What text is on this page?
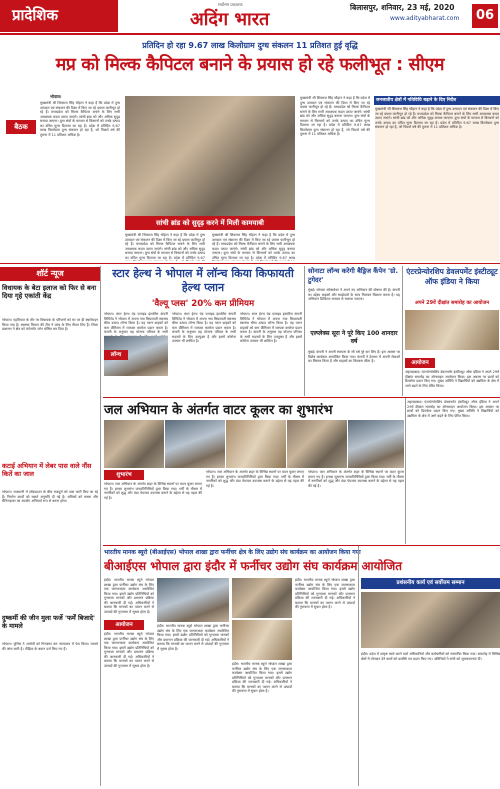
प्रादेशिक
सर्वोत्तम प्रकाशक
अदिंग भारत
बिलासपुर, शनिवार, 23 मई, 2020
www.adityabharat.com	06
प्रतिदिन हो रहा 9.67 लाख किलोग्राम दुग्ध संकलन 11 प्रतिशत हुई वृद्धि
मप्र को मिल्क कैपिटल बनाने के प्रयास हो रहे फलीभूत : सीएम
भोपाल।
मुख्यमंत्री श्री शिवराज सिंह चौहान ने कहा है कि प्रदेश में दुग्ध उत्पादन एवं संकलन की दिशा में किए जा रहे प्रयास फलीभूत हो रहे हैं। मध्यप्रदेश को मिल्क कैपिटल बनाने के लिए सभी आवश्यक कदम उठाए जाएंगे। सांची ब्रांड को और अधिक सुदृढ़ बनाया जाएगा। दुग्ध संघों के माध्यम से किसानों को उनके उत्पाद का उचित मूल्य दिलाया जा रहा है। प्रदेश में प्रतिदिन 9.67 लाख किलोग्राम दुग्ध संकलन हो रहा है, जो पिछले वर्ष की तुलना में 11 प्रतिशत अधिक है।
बैठक
सांची ब्रांड को सुदृढ़ करने में मिली कामयाबी
मुख्यमंत्री श्री शिवराज सिंह चौहान ने कहा है कि प्रदेश में दुग्ध उत्पादन एवं संकलन की दिशा में किए जा रहे प्रयास फलीभूत हो रहे हैं। मध्यप्रदेश को मिल्क कैपिटल बनाने के लिए सभी आवश्यक कदम उठाए जाएंगे। सांची ब्रांड को और अधिक सुदृढ़ बनाया जाएगा। दुग्ध संघों के माध्यम से किसानों को उनके उत्पाद का उचित मूल्य दिलाया जा रहा है। प्रदेश में प्रतिदिन 9.67
मुख्यमंत्री श्री शिवराज सिंह चौहान ने कहा है कि प्रदेश में दुग्ध उत्पादन एवं संकलन की दिशा में किए जा रहे प्रयास फलीभूत हो रहे हैं। मध्यप्रदेश को मिल्क कैपिटल बनाने के लिए सभी आवश्यक कदम उठाए जाएंगे। सांची ब्रांड को और अधिक सुदृढ़ बनाया जाएगा। दुग्ध संघों के माध्यम से किसानों को उनके उत्पाद का उचित मूल्य दिलाया जा रहा है। प्रदेश में प्रतिदिन 9.67 लाख
मुख्यमंत्री श्री शिवराज सिंह चौहान ने कहा है कि प्रदेश में दुग्ध उत्पादन एवं संकलन की दिशा में किए जा रहे प्रयास फलीभूत हो रहे हैं। मध्यप्रदेश को मिल्क कैपिटल बनाने के लिए सभी आवश्यक कदम उठाए जाएंगे। सांची ब्रांड को और अधिक सुदृढ़ बनाया जाएगा। दुग्ध संघों के माध्यम से किसानों को उनके उत्पाद का उचित मूल्य दिलाया जा रहा है। प्रदेश में प्रतिदिन 9.67 लाख किलोग्राम दुग्ध संकलन हो रहा है, जो पिछले वर्ष की तुलना में 11 प्रतिशत अधिक है।
जनजातीय क्षेत्रों में गतिविधि बढ़ाने के दिए निर्देश
मुख्यमंत्री श्री शिवराज सिंह चौहान ने कहा है कि प्रदेश में दुग्ध उत्पादन एवं संकलन की दिशा में किए जा रहे प्रयास फलीभूत हो रहे हैं। मध्यप्रदेश को मिल्क कैपिटल बनाने के लिए सभी आवश्यक कदम उठाए जाएंगे। सांची ब्रांड को और अधिक सुदृढ़ बनाया जाएगा। दुग्ध संघों के माध्यम से किसानों को उनके उत्पाद का उचित मूल्य दिलाया जा रहा है। प्रदेश में प्रतिदिन 9.67 लाख किलोग्राम दुग्ध संकलन हो रहा है, जो पिछले वर्ष की तुलना में 11 प्रतिशत अधिक है।
शॉर्ट न्यूज
विधायक के बेटा इलाज को फिर से बना दिया गृहे एकांती केंद्र
भोपाल। एहतियात के तौर पर विधायक के परिजनों को घर पर ही क्वारेंटाइन किया गया है। स्वास्थ्य विभाग की टीम ने जांच के लिए सैंपल लिए हैं। जिला प्रशासन ने क्षेत्र को कंटेनमेंट जोन घोषित कर दिया है।
कटाई अभियान में लेबर पास वाले नौंस कितें का जाल
भोपाल। राजधानी में लॉकडाउन के बीच मजदूरों को पास जारी किए जा रहे हैं। निर्माण कार्यों को सशर्त अनुमति दी गई है। श्रमिकों को मास्क और सैनिटाइजर का उपयोग अनिवार्य रूप से करना होगा।
दुष्कर्मी की जीन मुला फर्जे 'फर्में बिजादे' के मामले
भोपाल। पुलिस ने आरोपी को गिरफ्तार कर न्यायालय में पेश किया। मामले की जांच जारी है। पीड़िता के बयान दर्ज किए गए हैं।
स्टार हेल्थ ने भोपाल में लॉन्च किया किफायती हेल्थ प्लान
'वैल्यू प्लस' 20% कम प्रीमियम
भोपाल। स्टार हेल्थ एंड एलाइड इंश्योरेंस कंपनी लिमिटेड ने भोपाल में अपना नया किफायती स्वास्थ्य बीमा उत्पाद लॉन्च किया है। यह प्लान ग्राहकों को कम प्रीमियम में व्यापक कवरेज प्रदान करता है। कंपनी के अनुसार यह योजना परिवार के सभी
लॉन्च
भोपाल। स्टार हेल्थ एंड एलाइड इंश्योरेंस कंपनी लिमिटेड ने भोपाल में अपना नया किफायती स्वास्थ्य बीमा उत्पाद लॉन्च किया है। यह प्लान ग्राहकों को कम प्रीमियम में व्यापक कवरेज प्रदान करता है। कंपनी के अनुसार यह योजना परिवार के सभी सदस्यों के लिए उपयुक्त है और इसमें कोरोना उपचार भी शामिल है।
भोपाल। स्टार हेल्थ एंड एलाइड इंश्योरेंस कंपनी लिमिटेड ने भोपाल में अपना नया किफायती स्वास्थ्य बीमा उत्पाद लॉन्च किया है। यह प्लान ग्राहकों को कम प्रीमियम में व्यापक कवरेज प्रदान करता है। कंपनी के अनुसार यह योजना परिवार के सभी सदस्यों के लिए उपयुक्त है और इसमें कोरोना उपचार भी शामिल है।
सोनाटा लॉन्च करेगी बैड्रिज कैंपेन 'ग्रो. टुगेदर'
मुंबई। सोनाटा सॉफ्टवेयर ने अपने नए अभियान की घोषणा की है। कंपनी का उद्देश्य ग्राहकों और साझेदारों के साथ मिलकर विकास करना है। यह अभियान डिजिटल माध्यम से चलाया जाएगा।
एल्प्लेक्स सूरा ने पूरे किए 100 शानदार वर्ष
मुंबई। कंपनी ने अपनी स्थापना के सौ वर्ष पूरे कर लिए हैं। इस अवसर पर विशेष कार्यक्रम आयोजित किया गया। कंपनी ने देशभर में अपनी सेवाओं का विस्तार किया है और ग्राहकों का विश्वास जीता है।
एंटरप्रेन्योरशिप डेवलपमेंट इंस्टीट्यूट ऑफ इंडिया ने किया
अपने 29वें दीक्षांत समारोह का आयोजन
आयोजन
अहमदाबाद। एंटरप्रेन्योरशिप डेवलपमेंट इंस्टीट्यूट ऑफ इंडिया ने अपने 29वें दीक्षांत समारोह का ऑनलाइन आयोजन किया। इस अवसर पर छात्रों को डिप्लोमा प्रदान किए गए। मुख्य अतिथि ने विद्यार्थियों को उद्यमिता के क्षेत्र में आगे बढ़ने के लिए प्रेरित किया।
जल अभियान के अंतर्गत वाटर कूलर का शुभारंभ
शुभारंभ
भोपाल। जल अभियान के अंतर्गत शहर के विभिन्न स्थानों पर वाटर कूलर लगाए गए हैं। इनका शुभारंभ जनप्रतिनिधियों द्वारा किया गया। गर्मी के मौसम में नागरिकों को शुद्ध और ठंडा पेयजल उपलब्ध कराने के उद्देश्य से यह पहल की गई है।
भोपाल। जल अभियान के अंतर्गत शहर के विभिन्न स्थानों पर वाटर कूलर लगाए गए हैं। इनका शुभारंभ जनप्रतिनिधियों द्वारा किया गया। गर्मी के मौसम में नागरिकों को शुद्ध और ठंडा पेयजल उपलब्ध कराने के उद्देश्य से यह पहल की गई है।
भोपाल। जल अभियान के अंतर्गत शहर के विभिन्न स्थानों पर वाटर कूलर लगाए गए हैं। इनका शुभारंभ जनप्रतिनिधियों द्वारा किया गया। गर्मी के मौसम में नागरिकों को शुद्ध और ठंडा पेयजल उपलब्ध कराने के उद्देश्य से यह पहल की गई है।
अहमदाबाद। एंटरप्रेन्योरशिप डेवलपमेंट इंस्टीट्यूट ऑफ इंडिया ने अपने 29वें दीक्षांत समारोह का ऑनलाइन आयोजन किया। इस अवसर पर छात्रों को डिप्लोमा प्रदान किए गए। मुख्य अतिथि ने विद्यार्थियों को उद्यमिता के क्षेत्र में आगे बढ़ने के लिए प्रेरित किया।
भारतीय मानक ब्यूरो (बीआईएस) भोपाल शाखा द्वारा फर्नीचर क्षेत्र के लिए उद्योग संघ कार्यक्रम का आयोजन किया गया
बीआईएस भोपाल द्वारा इंदौर में फर्नीचर उद्योग संघ कार्यक्रम आयोजित
इंदौर। भारतीय मानक ब्यूरो भोपाल शाखा द्वारा फर्नीचर उद्योग संघ के लिए एक जागरूकता कार्यक्रम आयोजित किया गया। इसमें उद्योग प्रतिनिधियों को गुणवत्ता मानकों और प्रमाणन प्रक्रिया की जानकारी दी गई। अधिकारियों ने बताया कि मानकों का पालन करने से उत्पादों की गुणवत्ता में सुधार होता है।
आयोजन
इंदौर। भारतीय मानक ब्यूरो भोपाल शाखा द्वारा फर्नीचर उद्योग संघ के लिए एक जागरूकता कार्यक्रम आयोजित किया गया। इसमें उद्योग प्रतिनिधियों को गुणवत्ता मानकों और प्रमाणन प्रक्रिया की जानकारी दी गई। अधिकारियों ने बताया कि मानकों का पालन करने से उत्पादों की गुणवत्ता में सुधार होता है।
इंदौर। भारतीय मानक ब्यूरो भोपाल शाखा द्वारा फर्नीचर उद्योग संघ के लिए एक जागरूकता कार्यक्रम आयोजित किया गया। इसमें उद्योग प्रतिनिधियों को गुणवत्ता मानकों और प्रमाणन प्रक्रिया की जानकारी दी गई। अधिकारियों ने बताया कि मानकों का पालन करने से उत्पादों की गुणवत्ता में सुधार होता है।
इंदौर। भारतीय मानक ब्यूरो भोपाल शाखा द्वारा फर्नीचर उद्योग संघ के लिए एक जागरूकता कार्यक्रम आयोजित किया गया। इसमें उद्योग प्रतिनिधियों को गुणवत्ता मानकों और प्रमाणन प्रक्रिया की जानकारी दी गई। अधिकारियों ने बताया कि मानकों का पालन करने से उत्पादों की गुणवत्ता में सुधार होता है।
इंदौर। भारतीय मानक ब्यूरो भोपाल शाखा द्वारा फर्नीचर उद्योग संघ के लिए एक जागरूकता कार्यक्रम आयोजित किया गया। इसमें उद्योग प्रतिनिधियों को गुणवत्ता मानकों और प्रमाणन प्रक्रिया की जानकारी दी गई। अधिकारियों ने बताया कि मानकों का पालन करने से उत्पादों की गुणवत्ता में सुधार होता है।
प्रशंसनीय कार्य एवं सर्वोत्तम सम्मान
इंदौर। प्रदेश में उत्कृष्ट कार्य करने वाले अधिकारियों और कर्मचारियों को सम्मानित किया गया। समारोह में विभिन्न क्षेत्रों में योगदान देने वालों को प्रशस्ति पत्र प्रदान किए गए। अतिथियों ने सभी को शुभकामनाएं दीं।
